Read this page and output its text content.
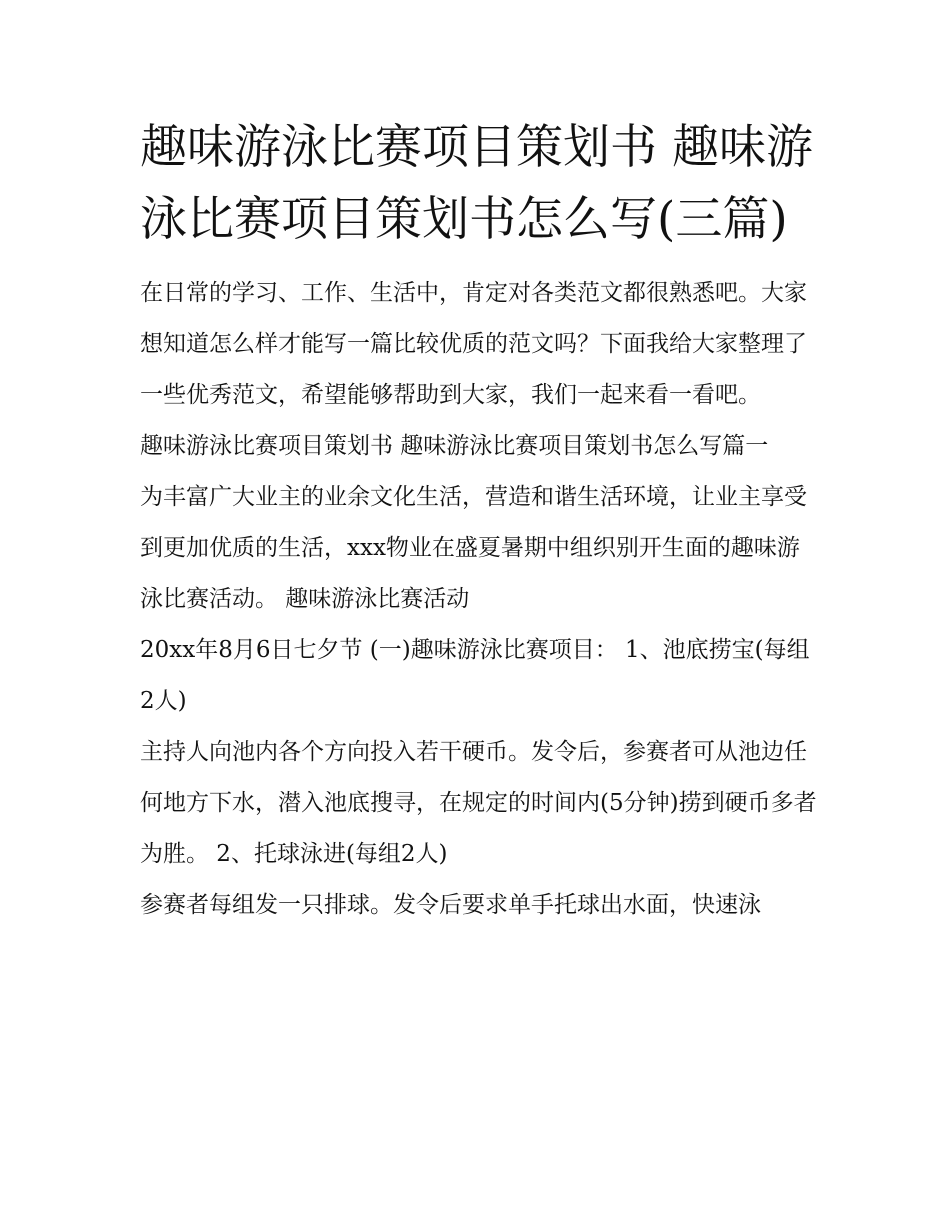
趣味游泳比赛项目策划书 趣味游泳比赛项目策划书怎么写(三篇)

在日常的学习、工作、生活中，肯定对各类范文都很熟悉吧。大家想知道怎么样才能写一篇比较优质的范文吗？下面我给大家整理了一些优秀范文，希望能够帮助到大家，我们一起来看一看吧。

趣味游泳比赛项目策划书 趣味游泳比赛项目策划书怎么写篇一

为丰富广大业主的业余文化生活，营造和谐生活环境，让业主享受到更加优质的生活，xxx物业在盛夏暑期中组织别开生面的趣味游泳比赛活动。 趣味游泳比赛活动

20xx年8月6日七夕节 (一)趣味游泳比赛项目： 1、池底捞宝(每组2人)

主持人向池内各个方向投入若干硬币。发令后，参赛者可从池边任何地方下水，潜入池底搜寻，在规定的时间内(5分钟)捞到硬币多者为胜。 2、托球泳进(每组2人)

参赛者每组发一只排球。发令后要求单手托球出水面，快速泳
